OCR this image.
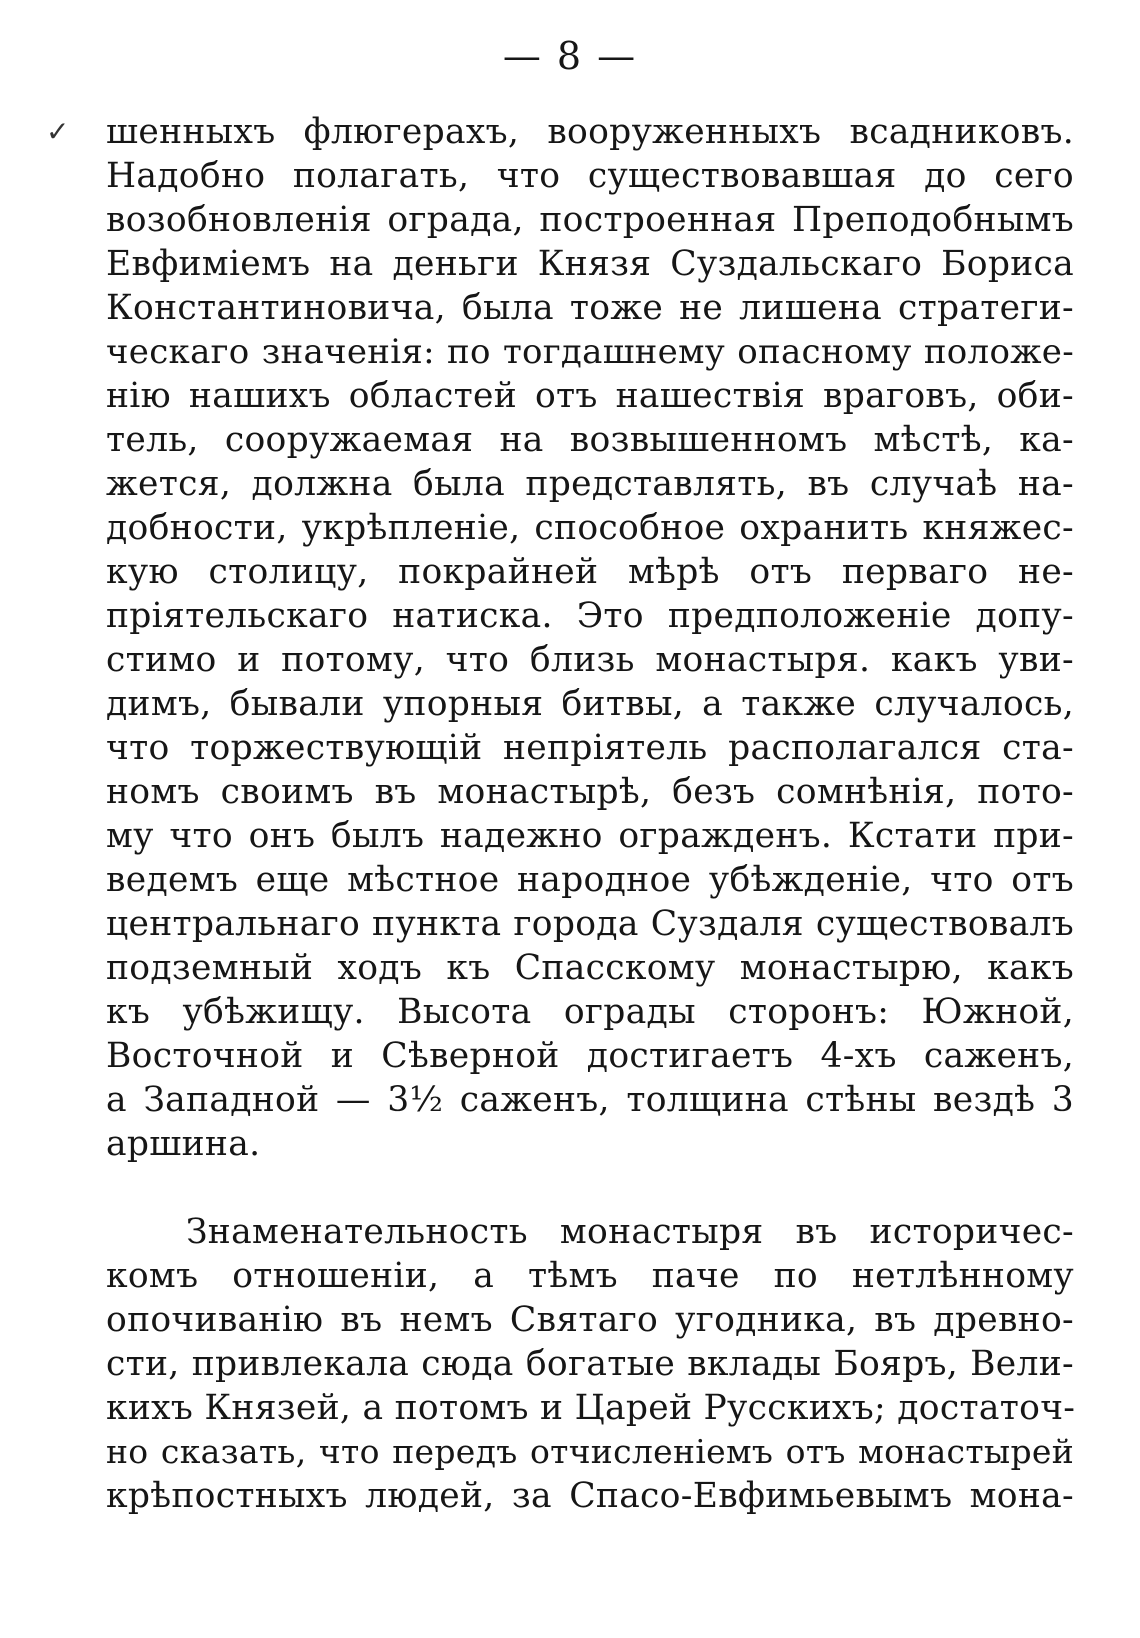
— 8 —
✓ шенныхъ флюгерахъ, вооруженныхъ всадниковъ.
Надобно полагать, что существовавшая до сего
возобновленія ограда, построенная Преподобнымъ
Евфиміемъ на деньги Князя Суздальскаго Бориса
Константиновича, была тоже не лишена стратеги-
ческаго значенія: по тогдашнему опасному положе-
нію нашихъ областей отъ нашествія враговъ, оби-
тель, сооружаемая на возвышенномъ мѣстѣ, ка-
жется, должна была представлять, въ случаѣ на-
добности, укрѣпленіе, способное охранить княжес-
кую столицу, покрайней мѣрѣ отъ перваго не-
пріятельскаго натиска. Это предположеніе допу-
стимо и потому, что близь монастыря. какъ уви-
димъ, бывали упорныя битвы, а также случалось,
что торжествующій непріятель располагался ста-
номъ своимъ въ монастырѣ, безъ сомнѣнія, пото-
му что онъ былъ надежно огражденъ. Кстати при-
ведемъ еще мѣстное народное убѣжденіе, что отъ
центральнаго пункта города Суздаля существовалъ
подземный ходъ къ Спасскому монастырю, какъ
къ убѣжищу. Высота ограды сторонъ: Южной,
Восточной и Сѣверной достигаетъ 4-хъ саженъ,
а Западной — 3½ саженъ, толщина стѣны вездѣ 3
аршина.
Знаменательность монастыря въ историчес-
комъ отношеніи, а тѣмъ паче по нетлѣнному
опочиванію въ немъ Святаго угодника, въ древно-
сти, привлекала сюда богатые вклады Бояръ, Вели-
кихъ Князей, а потомъ и Царей Русскихъ; достаточ-
но сказать, что передъ отчисленіемъ отъ монастырей
крѣпостныхъ людей, за Спасо-Евфимьевымъ мона-
